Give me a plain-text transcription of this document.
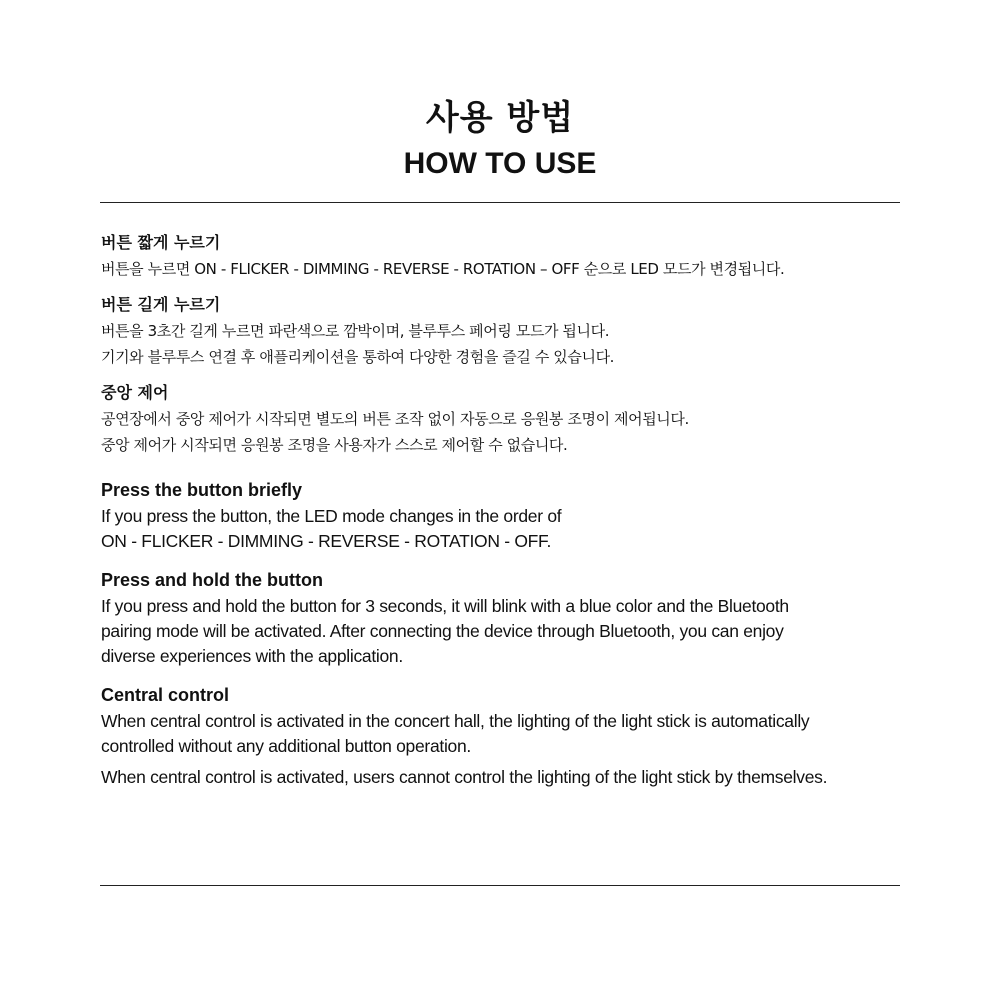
사용 방법
HOW TO USE
버튼 짧게 누르기
버튼을 누르면 ON - FLICKER - DIMMING - REVERSE - ROTATION – OFF 순으로 LED 모드가 변경됩니다.
버튼 길게 누르기
버튼을 3초간 길게 누르면 파란색으로 깜박이며, 블루투스 페어링 모드가 됩니다.
기기와 블루투스 연결 후 애플리케이션을 통하여 다양한 경험을 즐길 수 있습니다.
중앙 제어
공연장에서 중앙 제어가 시작되면 별도의 버튼 조작 없이 자동으로 응원봉 조명이 제어됩니다.
중앙 제어가 시작되면 응원봉 조명을 사용자가 스스로 제어할 수 없습니다.
Press the button briefly
If you press the button, the LED mode changes in the order of
ON - FLICKER - DIMMING - REVERSE - ROTATION - OFF.
Press and hold the button
If you press and hold the button for 3 seconds, it will blink with a blue color and the Bluetooth
pairing mode will be activated. After connecting the device through Bluetooth, you can enjoy
diverse experiences with the application.
Central control
When central control is activated in the concert hall, the lighting of the light stick is automatically
controlled without any additional button operation.
When central control is activated, users cannot control the lighting of the light stick by themselves.
